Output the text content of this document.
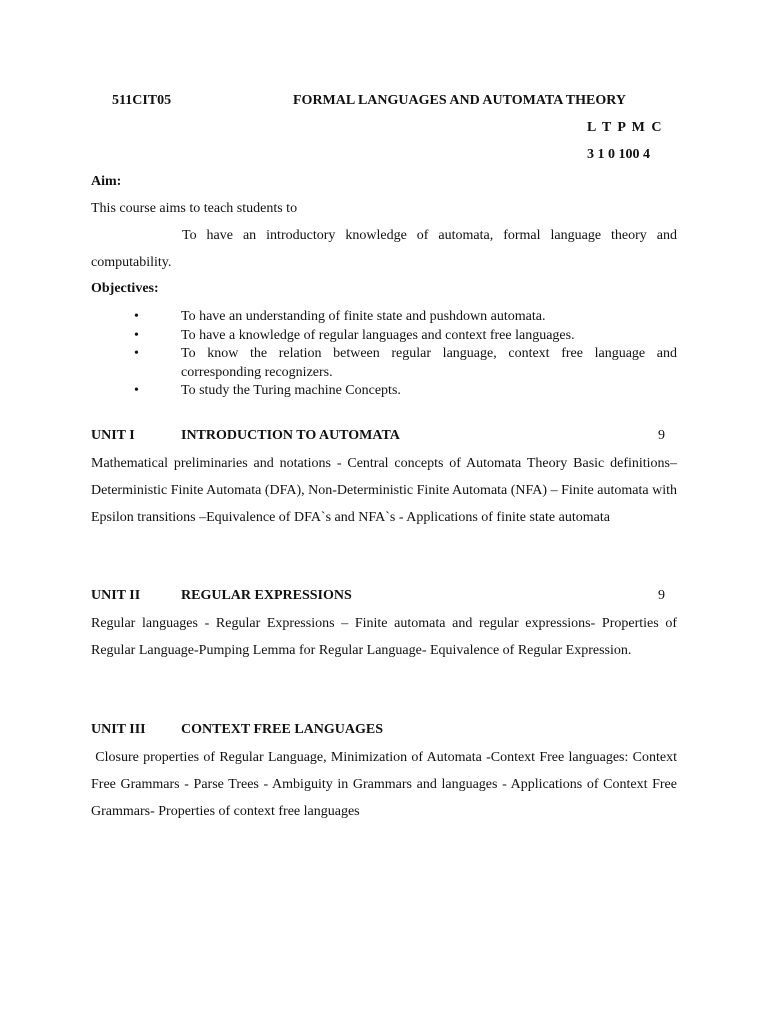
511CIT05	FORMAL LANGUAGES AND AUTOMATA THEORY
L T P M C
3 1 0 100 4
Aim:
This course aims to teach students to
To have an introductory knowledge of automata, formal language theory and computability.
Objectives:
•	To have an understanding of finite state and pushdown automata.
•	To have a knowledge of regular languages and context free languages.
•	To know the relation between regular language, context free language and corresponding recognizers.
•	To study the Turing machine Concepts.
UNIT I	INTRODUCTION TO AUTOMATA	9
Mathematical preliminaries and notations - Central concepts of Automata Theory Basic definitions–Deterministic Finite Automata (DFA), Non-Deterministic Finite Automata (NFA) – Finite automata with Epsilon transitions –Equivalence of DFA`s and NFA`s - Applications of finite state automata
UNIT II	REGULAR EXPRESSIONS	9
Regular languages - Regular Expressions – Finite automata and regular expressions- Properties of Regular Language-Pumping Lemma for Regular Language- Equivalence of Regular Expression.
UNIT III	CONTEXT FREE LANGUAGES
Closure properties of Regular Language, Minimization of Automata -Context Free languages: Context Free Grammars - Parse Trees - Ambiguity in Grammars and languages - Applications of Context Free Grammars- Properties of context free languages
